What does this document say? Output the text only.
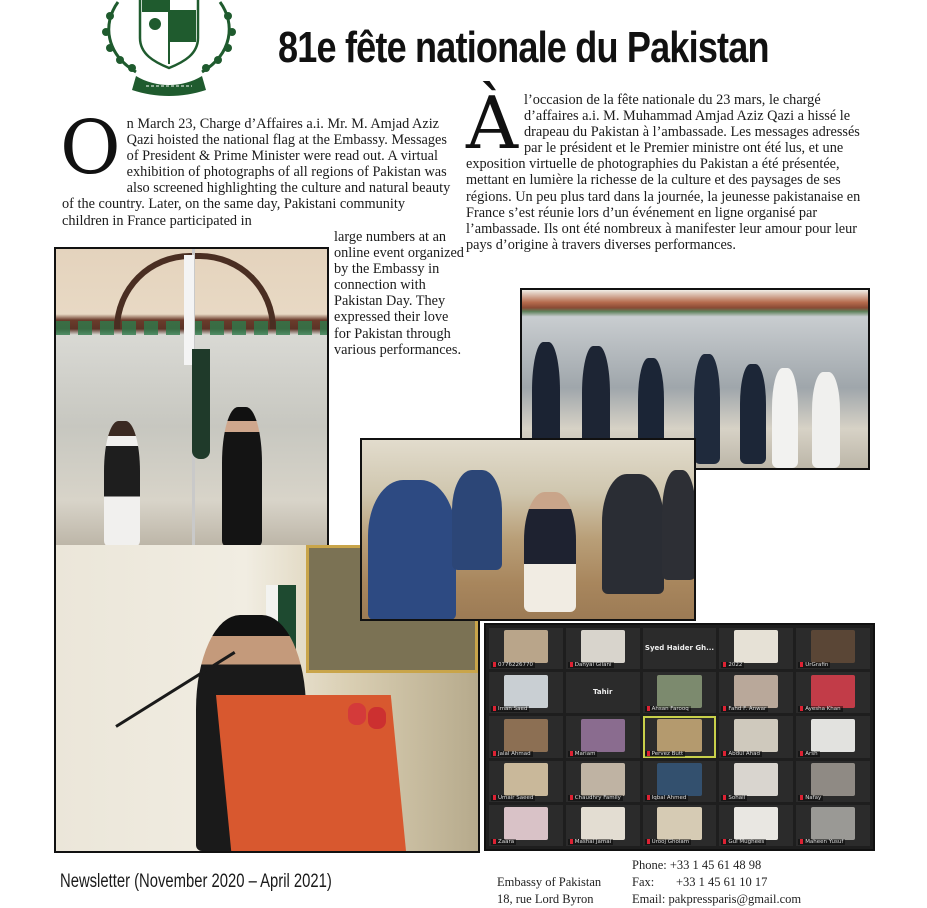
81e fête nationale du Pakistan
O n March 23, Charge d’Affaires a.i. Mr. M. Amjad Aziz Qazi hoisted the national flag at the Embassy. Messages of President & Prime Minister were read out. A virtual exhibition of photographs of all regions of Pakistan was also screened highlighting the culture and natural beauty of the country. Later, on the same day, Pakistani community children in France participated in
large numbers at an online event organized by the Embassy in connection with Pakistan Day. They expressed their love for Pakistan through various performances.
À l’occasion de la fête nationale du 23 mars, le chargé d’affaires a.i. M. Muhammad Amjad Aziz Qazi a hissé le drapeau du Pakistan à l’ambassade. Les messages adressés par le président et le Premier ministre ont été lus, et une exposition virtuelle de photographies du Pakistan a été présentée, mettant en lumière la richesse de la culture et des paysages de ses régions. Un peu plus tard dans la journée, la jeunesse pakistanaise en France s’est réunie lors d’un événement en ligne organisé par l’ambassade. Ils ont été nombreux à manifester leur amour pour leur pays d’origine à travers diverses performances.
0776226770	Danyal Gilani
Syed Haider Gh...
2022	UrGrafin
Iman Saed
Tahir
Ahsan Farooq	Fahd F. Anwar	Ayesha Khan
Jalal Ahmad	Mariam	Pervez Butt	Abdul Ahad	Arsh
Umair Saeed	Chaudhry Family	Iqbal Ahmed	Sohail	Nafay
Zaara	Mashal Jamal	Urooj Gholam	Gul Mughees	Maheen Yusuf
Newsletter (November 2020 – April 2021)	Embassy of Pakistan
18, rue Lord Byron
Phone: +33 1 45 61 48 98
Fax: +33 1 45 61 10 17
Email: pakpressparis@gmail.com
